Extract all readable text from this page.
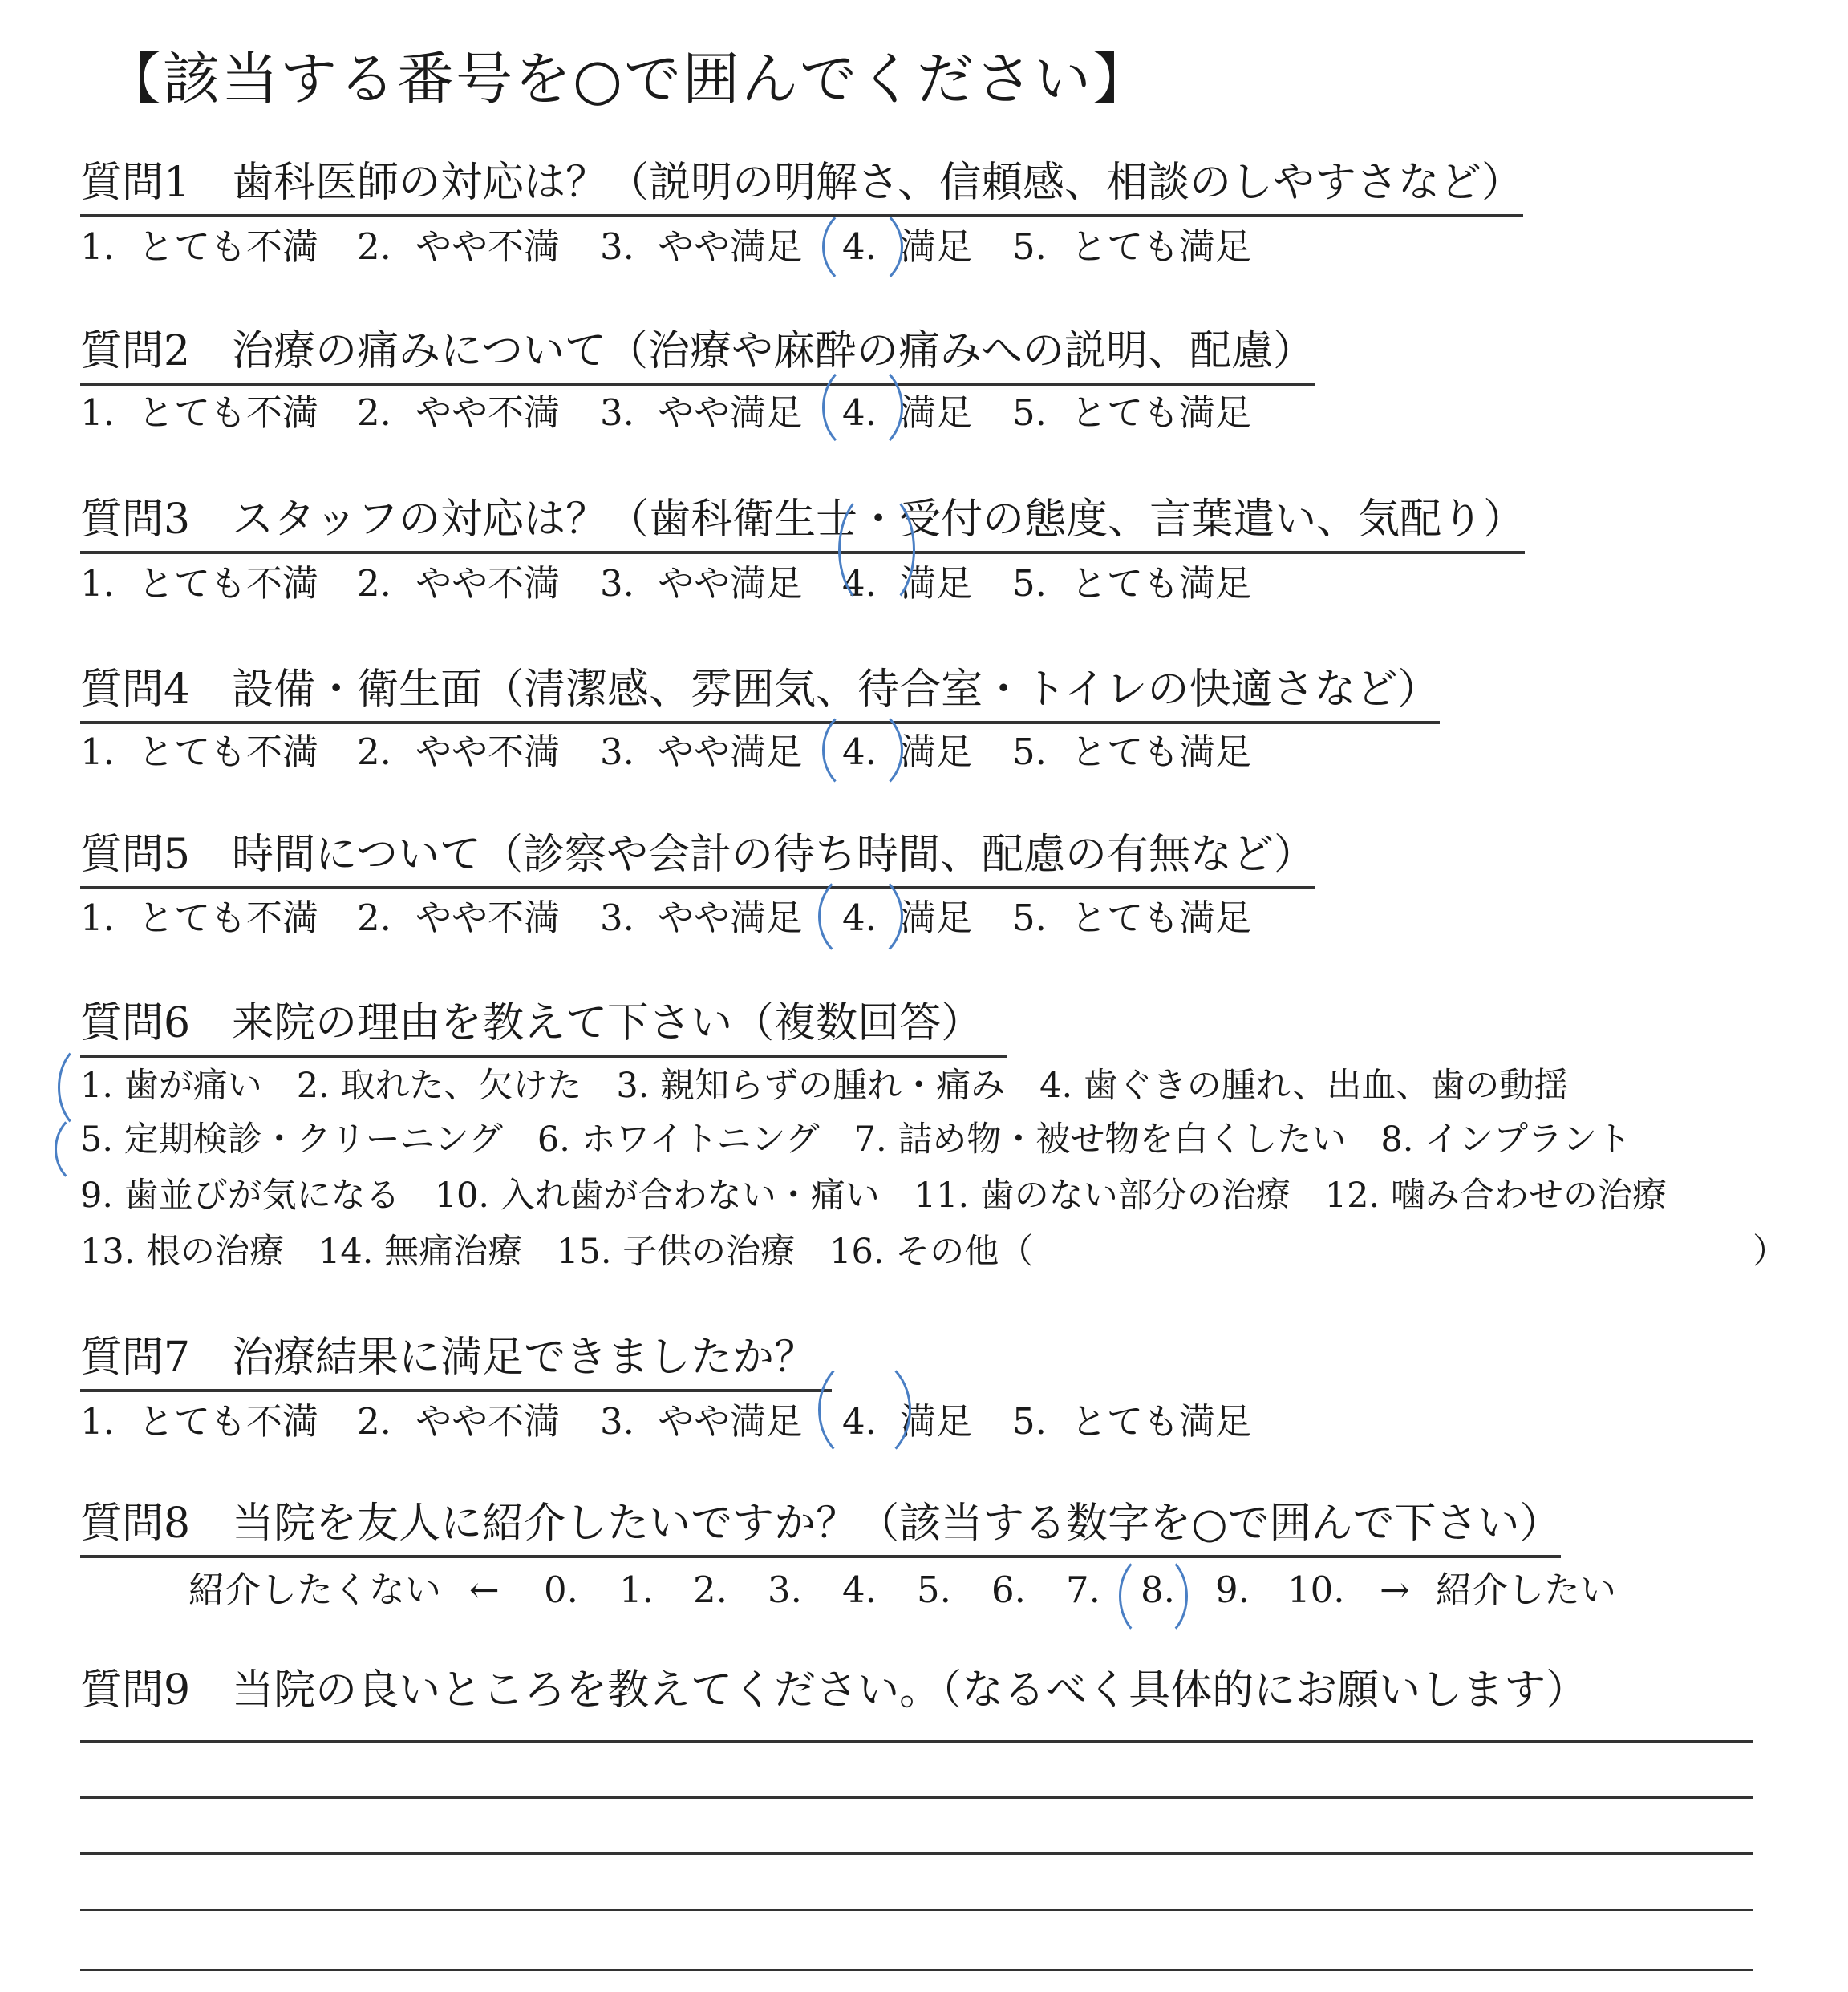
【該当する番号を○で囲んでください】
質問1　歯科医師の対応は？（説明の明解さ、信頼感、相談のしやすさなど）
1. とても不満 2. やや不満 3. やや満足 4. 満足 5. とても満足
質問2　治療の痛みについて（治療や麻酔の痛みへの説明、配慮）
1. とても不満 2. やや不満 3. やや満足 4. 満足 5. とても満足
質問3　スタッフの対応は？（歯科衛生士・受付の態度、言葉遣い、気配り）
1. とても不満 2. やや不満 3. やや満足 4. 満足 5. とても満足
質問4　設備・衛生面（清潔感、雰囲気、待合室・トイレの快適さなど）
1. とても不満 2. やや不満 3. やや満足 4. 満足 5. とても満足
質問5　時間について（診察や会計の待ち時間、配慮の有無など）
1. とても不満 2. やや不満 3. やや満足 4. 満足 5. とても満足
質問6　来院の理由を教えて下さい（複数回答）
1. 歯が痛い　2. 取れた、欠けた　3. 親知らずの腫れ・痛み　4. 歯ぐきの腫れ、出血、歯の動揺
5. 定期検診・クリーニング　6. ホワイトニング　7. 詰め物・被せ物を白くしたい　8. インプラント
9. 歯並びが気になる　10. 入れ歯が合わない・痛い　11. 歯のない部分の治療　12. 噛み合わせの治療
13. 根の治療　14. 無痛治療　15. 子供の治療　16. その他（	）
質問7　治療結果に満足できましたか？
1. とても不満 2. やや不満 3. やや満足 4. 満足 5. とても満足
質問8　当院を友人に紹介したいですか？（該当する数字を○で囲んで下さい）
紹介したくない ← 0. 1. 2. 3. 4. 5. 6. 7. 8. 9. 10. → 紹介したい
質問9　当院の良いところを教えてください。（なるべく具体的にお願いします）
